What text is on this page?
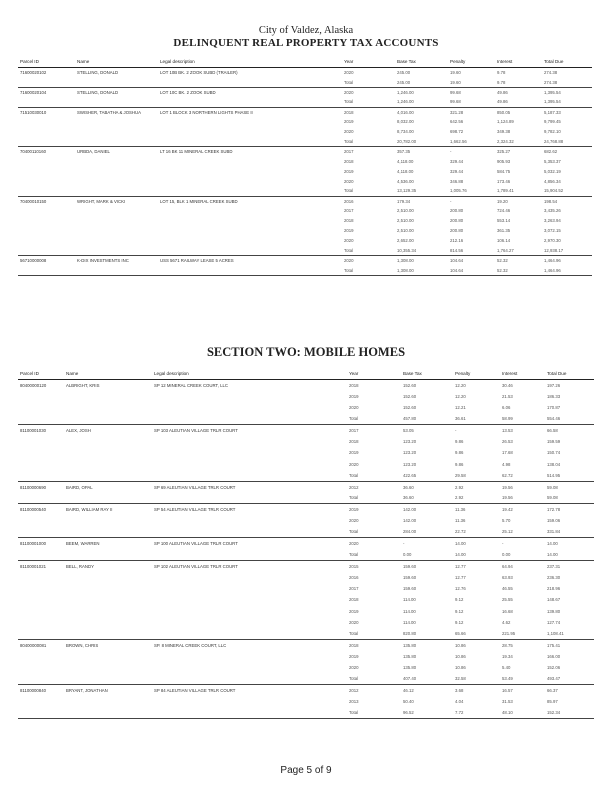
City of Valdez, Alaska
DELINQUENT REAL PROPERTY TAX ACCOUNTS
Parcel ID	Name	Legal description	Year	Base Tax	Penalty	Interest	Total Due
71600020102	STELLING, DONALD	LOT 10B BK. 2 ZOOK SUBD (TRAILER)	2020	245.00	19.60	9.78	274.38
			Total	245.00	19.60	9.78	274.38
71600020104	STELLING, DONALD	LOT 10C BK. 2 ZOOK SUBD	2020	1,246.00	99.68	49.86	1,395.54
			Total	1,246.00	99.68	49.86	1,395.54
71510030010	SWISHER, TABATHA & JOSHUA	LOT 1 BLOCK 3 NORTHERN LIGHTS PHASE II	2018	4,016.00	321.28	850.05	5,187.33
			2019	8,032.00	642.56	1,124.89	9,799.45
			2020	8,734.00	698.72	349.38	9,782.10
			Total	20,782.00	1,662.56	2,324.32	24,768.88
70400110160	URBDA, DANIEL	LT 16 BK 11 MINERAL CREEK SUBD	2017	357.35	-	325.27	682.62
			2018	4,118.00	329.44	905.93	5,353.37
			2019	4,118.00	329.44	584.75	5,032.19
			2020	4,536.00	346.88	173.46	4,856.34
			Total	13,129.35	1,005.76	1,789.41	15,904.52
70400010150	WRIGHT, MARK & VICKI	LOT 15, BLK 1 MINERAL CREEK SUBD	2016	179.34	-	19.20	198.54
			2017	2,510.00	200.80	724.46	3,435.26
			2018	2,510.00	200.80	553.14	3,263.94
			2019	2,510.00	200.80	361.35	3,072.15
			2020	2,652.00	212.16	106.14	2,970.30
			Total	10,355.34	814.56	1,764.27	12,938.17
56710000008	K-DIX INVESTMENTS INC	USS 5671 RAILWAY LEASE 5 ACRES	2020	1,308.00	104.64	52.32	1,464.96
			Total	1,308.00	104.64	52.32	1,464.96
SECTION TWO: MOBILE HOMES
Parcel ID	Name	Legal description	Year	Base Tax	Penalty	Interest	Total Due
80400000120	ALBRIGHT, KRIS	SP 12 MINERAL CREEK COURT, LLC	2018	152.60	12.20	30.46	197.26
			2019	152.60	12.20	21.53	186.33
			2020	152.60	12.21	6.06	170.87
			Total	457.80	36.61	58.99	554.46
81100001030	ALEX, JOSH	SP 103 ALEUTIAN VILLAGE TRLR COURT	2017	53.05	-	13.53	66.58
			2018	123.20	9.86	26.53	159.59
			2019	123.20	9.86	17.68	150.74
			2020	123.20	9.86	4.98	138.04
			Total	422.65	29.58	62.72	514.95
81100000690	BAIRD, OPAL	SP 69 ALEUTIAN VILLAGE TRLR COURT	2012	36.60	2.92	19.56	59.08
			Total	36.60	2.92	19.56	59.08
81100000540	BAIRD, WILLIAM RAY II	SP 54 ALEUTIAN VILLAGE TRLR COURT	2019	142.00	11.36	19.42	172.78
			2020	142.00	11.36	5.70	159.06
			Total	284.00	22.72	25.12	331.84
81100001000	BEEM, WARREN	SP 100 ALEUTIAN VILLAGE TRLR COURT	2020	-	14.00	-	14.00
			Total	0.00	14.00	0.00	14.00
81100001021	BELL, RANDY	SP 102 ALEUTIAN VILLAGE TRLR COURT	2015	159.60	12.77	64.94	237.31
			2016	159.60	12.77	63.93	236.30
			2017	159.60	12.76	46.55	218.96
			2018	114.00	9.12	25.55	148.67
			2019	114.00	9.12	16.68	139.80
			2020	114.00	9.12	4.62	127.74
			Total	820.80	65.66	221.95	1,108.41
80400000081	BROWN, CHRIS	SP. 8 MINERAL CREEK COURT, LLC	2018	135.80	10.86	28.75	175.41
			2019	135.80	10.86	19.34	166.00
			2020	135.80	10.86	5.40	152.06
			Total	407.40	32.58	53.49	493.47
81100000840	BRYANT, JONATHAN	SP 84 ALEUTIAN VILLAGE TRLR COURT	2012	46.12	3.68	16.57	66.37
			2013	50.40	4.04	31.53	85.97
			Total	96.52	7.72	48.10	152.34
Page 5 of 9
